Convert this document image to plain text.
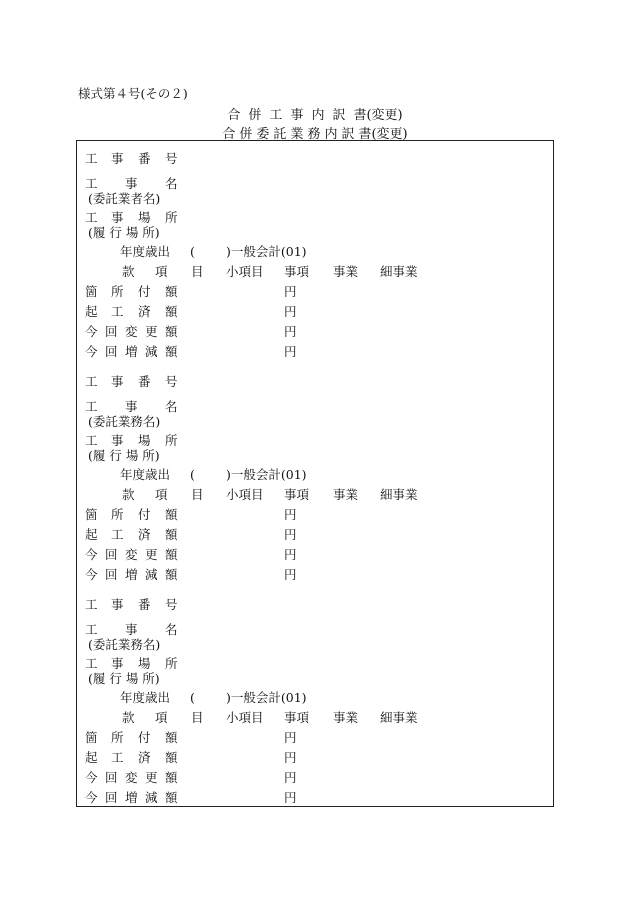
様式第４号(その２)
合 併 工 事 内 訳 書(変更)
合 併 委 託 業 務 内 訳 書(変更)
工 事 番 号
工 事 名
(委託業者名)
工 事 場 所
(履 行 場 所)
年度歳出 ( )一般会計(01)
款 項 目 小項目 事項 事業 細事業
箇 所 付 額	円
起 工 済 額	円
今 回 変 更 額	円
今 回 増 減 額	円
工 事 番 号
工 事 名
(委託業務名)
工 事 場 所
(履 行 場 所)
年度歳出 ( )一般会計(01)
款 項 目 小項目 事項 事業 細事業
箇 所 付 額	円
起 工 済 額	円
今 回 変 更 額	円
今 回 増 減 額	円
工 事 番 号
工 事 名
(委託業務名)
工 事 場 所
(履 行 場 所)
年度歳出 ( )一般会計(01)
款 項 目 小項目 事項 事業 細事業
箇 所 付 額	円
起 工 済 額	円
今 回 変 更 額	円
今 回 増 減 額	円
